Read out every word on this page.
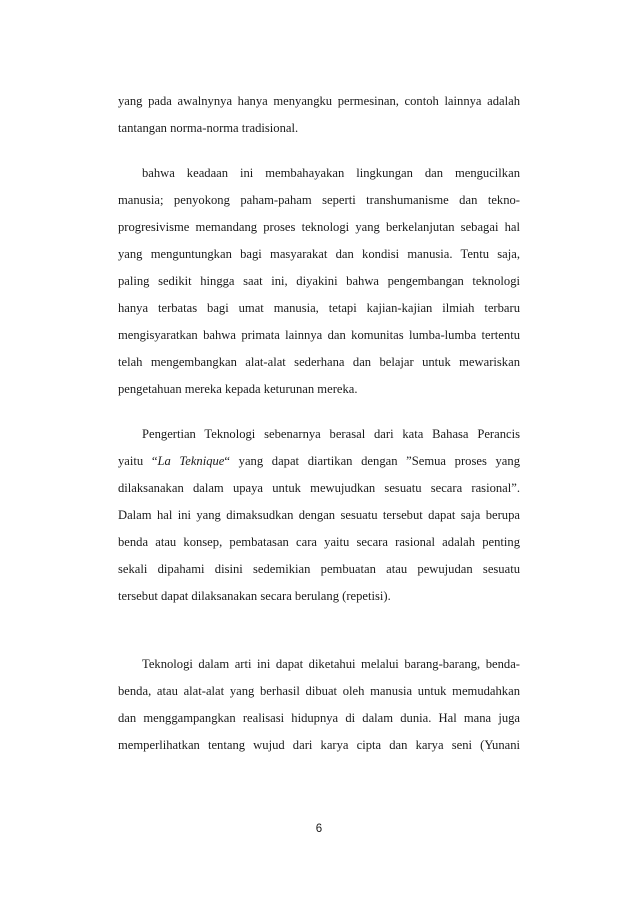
yang pada awalnynya hanya menyangku permesinan, contoh lainnya adalah
tantangan norma-norma tradisional.
bahwa keadaan ini membahayakan lingkungan dan mengucilkan
manusia; penyokong paham-paham seperti transhumanisme dan tekno-
progresivisme memandang proses teknologi yang berkelanjutan sebagai hal
yang menguntungkan bagi masyarakat dan kondisi manusia. Tentu saja,
paling sedikit hingga saat ini, diyakini bahwa pengembangan teknologi
hanya terbatas bagi umat manusia, tetapi kajian-kajian ilmiah terbaru
mengisyaratkan bahwa primata lainnya dan komunitas lumba-lumba tertentu
telah mengembangkan alat-alat sederhana dan belajar untuk mewariskan
pengetahuan mereka kepada keturunan mereka.
Pengertian Teknologi sebenarnya berasal dari kata Bahasa Perancis
yaitu “La Teknique“ yang dapat diartikan dengan ”Semua proses yang
dilaksanakan dalam upaya untuk mewujudkan sesuatu secara rasional”.
Dalam hal ini yang dimaksudkan dengan sesuatu tersebut dapat saja berupa
benda atau konsep, pembatasan cara yaitu secara rasional adalah penting
sekali dipahami disini sedemikian pembuatan atau pewujudan sesuatu
tersebut dapat dilaksanakan secara berulang (repetisi).
Teknologi dalam arti ini dapat diketahui melalui barang-barang, benda-
benda, atau alat-alat yang berhasil dibuat oleh manusia untuk memudahkan
dan menggampangkan realisasi hidupnya di dalam dunia. Hal mana juga
memperlihatkan tentang wujud dari karya cipta dan karya seni (Yunani
6
